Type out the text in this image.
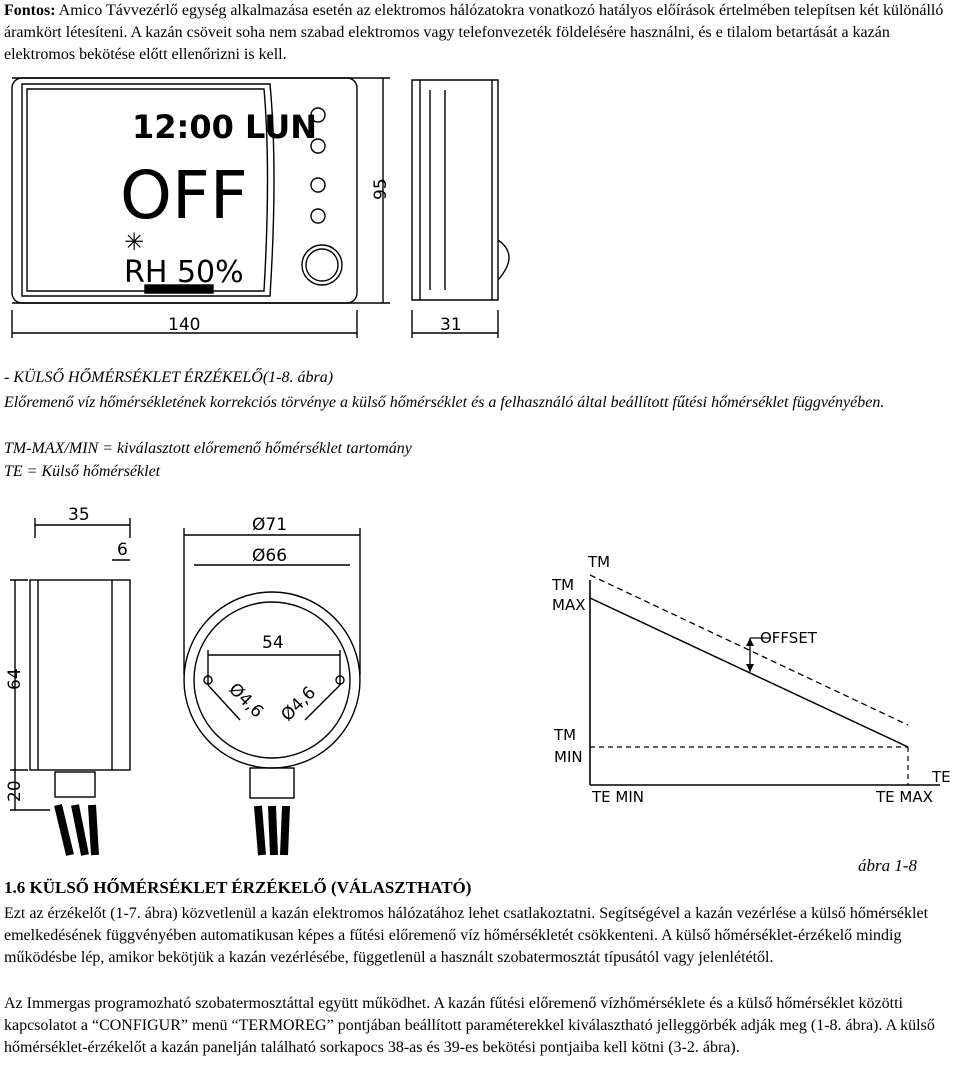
Fontos: Amico Távvezérlő egység alkalmazása esetén az elektromos hálózatokra vonatkozó hatályos előírások értelmében telepítsen két különálló áramkört létesíteni. A kazán csöveit soha nem szabad elektromos vagy telefonvezeték földelésére használni, és e tilalom betartását a kazán elektromos bekötése előtt ellenőrizni is kell.

12:00 LUN
OFF
✳
RH 50%
95
140	31

- KÜLSŐ HŐMÉRSÉKLET ÉRZÉKELŐ(1-8. ábra)

Előremenő víz hőmérsékletének korrekciós törvénye a külső hőmérséklet és a felhasználó által beállított fűtési hőmérséklet függvényében.

TM-MAX/MIN = kiválasztott előremenő hőmérséklet tartomány

TE = Külső hőmérséklet

35
6
64
20
Ø71
Ø66
54
Ø4,6 Ø4,6
TM
TM
MAX
TM
MIN
OFFSET
TE
TE MIN	TE MAX
ábra 1-8
1.6 KÜLSŐ HŐMÉRSÉKLET ÉRZÉKELŐ (VÁLASZTHATÓ)

Ezt az érzékelőt (1-7. ábra) közvetlenül a kazán elektromos hálózatához lehet csatlakoztatni. Segítségével a kazán vezérlése a külső hőmérséklet emelkedésének függvényében automatikusan képes a fűtési előremenő víz hőmérsékletét csökkenteni. A külső hőmérséklet-érzékelő mindig működésbe lép, amikor bekötjük a kazán vezérlésébe, függetlenül a használt szobatermosztát típusától vagy jelenlététől.

Az Immergas programozható szobatermosztáttal együtt működhet. A kazán fűtési előremenő vízhőmérséklete és a külső hőmérséklet közötti kapcsolatot a “CONFIGUR” menü “TERMOREG” pontjában beállított paraméterekkel kiválasztható jelleggörbék adják meg (1-8. ábra). A külső hőmérséklet-érzékelőt a kazán panelján található sorkapocs 38-as és 39-es bekötési pontjaiba kell kötni (3-2. ábra).
